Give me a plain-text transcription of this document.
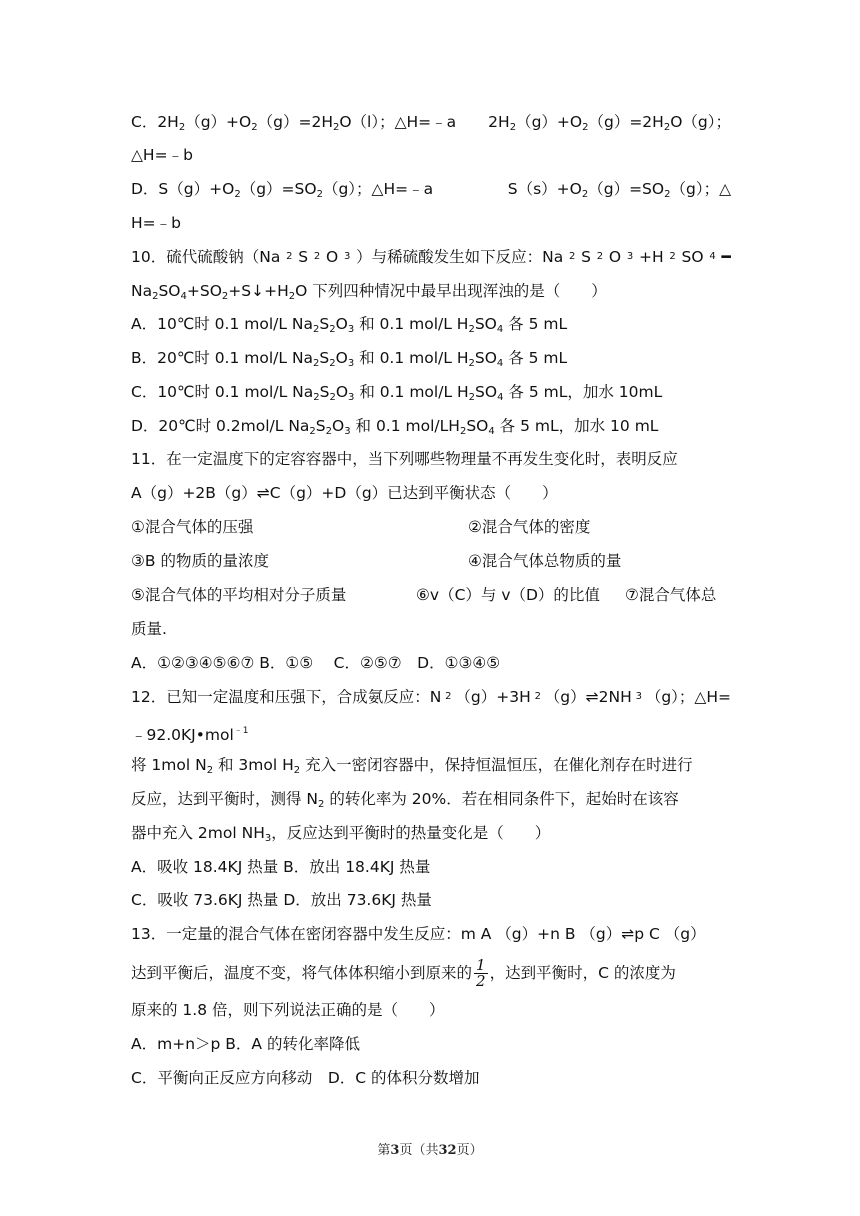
C．$2H_2(g)+O_2(g)=2H_2O(l)$；△H=﹣a $2H_2(g)+O_2(g)=2H_2O(g)$；
△H=﹣b
D．$S(g)+O_2(g)=SO_2(g)$；△H=﹣a	$S(s)+O_2(g)=SO_2(g)$；△
H=﹣b
10．硫代硫酸钠（Na 2 S 2 O 3 ）与稀硫酸发生如下反应：Na 2 S 2 O 3 +H 2 SO 4 ━
$Na_2SO_4+SO_2+S↓+H_2O$ 下列四种情况中最早出现浑浊的是（　　）
A．10℃时 0.1 mol/L $Na_2S_2O_3$ 和 0.1 mol/L $H_2SO_4$ 各 5 mL
B．20℃时 0.1 mol/L $Na_2S_2O_3$ 和 0.1 mol/L $H_2SO_4$ 各 5 mL
C．10℃时 0.1 mol/L $Na_2S_2O_3$ 和 0.1 mol/L $H_2SO_4$ 各 5 mL，加水 10mL
D．20℃时 0.2mol/L $Na_2S_2O_3$ 和 0.1 mol/$LH_2SO_4$ 各 5 mL，加水 10 mL
11．在一定温度下的定容容器中，当下列哪些物理量不再发生变化时，表明反应
A（g）+2B（g）⇌C（g）+D（g）已达到平衡状态（　　）
①混合气体的压强	②混合气体的密度
③B 的物质的量浓度	④混合气体总物质的量
⑤混合气体的平均相对分子质量	⑥v（C）与 v（D）的比值 ⑦混合气体总
质量.
A．①②③④⑤⑥⑦ B．①⑤　 C．②⑤⑦　D．①③④⑤
12．已知一定温度和压强下，合成氨反应：N 2 （g）+3H 2 （g）⇌2NH 3 （g）；△H=
﹣92.0KJ•mol$^{﹣1}$
将 1mol $N_2$ 和 3mol $H_2$ 充入一密闭容器中，保持恒温恒压，在催化剂存在时进行
反应，达到平衡时，测得 $N_2$ 的转化率为 20%．若在相同条件下，起始时在该容
器中充入 2mol $NH_3$，反应达到平衡时的热量变化是（　　）
A．吸收 18.4KJ 热量 B．放出 18.4KJ 热量
C．吸收 73.6KJ 热量 D．放出 73.6KJ 热量
13．一定量的混合气体在密闭容器中发生反应：m A （g）+n B （g）⇌p C （g）
达到平衡后，温度不变，将气体体积缩小到原来的 $\frac{1}{2}$ ，达到平衡时，C 的浓度为
原来的 1.8 倍，则下列说法正确的是（　　）
A．m+n＞p B．A 的转化率降低
C．平衡向正反应方向移动　D．C 的体积分数增加
第3页（共32页）
